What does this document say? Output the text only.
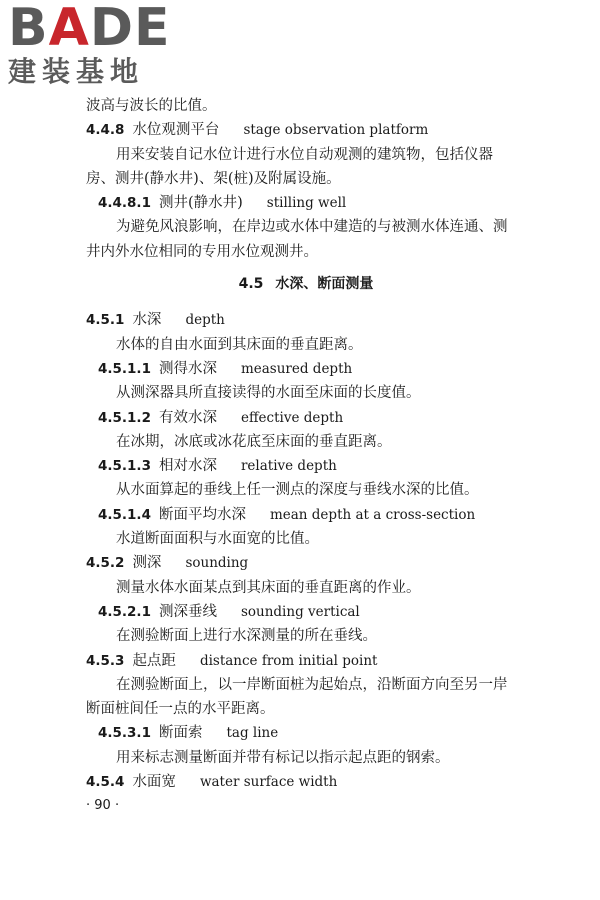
BADE
建装基地
波高与波长的比值。
4.4.8 水位观测平台 stage observation platform
用来安装自记水位计进行水位自动观测的建筑物，包括仪器
房、测井(静水井)、架(桩)及附属设施。
4.4.8.1 测井(静水井) stilling well
为避免风浪影响，在岸边或水体中建造的与被测水体连通、测
井内外水位相同的专用水位观测井。
4.5 水深、断面测量
4.5.1 水深 depth
水体的自由水面到其床面的垂直距离。
4.5.1.1 测得水深 measured depth
从测深器具所直接读得的水面至床面的长度值。
4.5.1.2 有效水深 effective depth
在冰期，冰底或冰花底至床面的垂直距离。
4.5.1.3 相对水深 relative depth
从水面算起的垂线上任一测点的深度与垂线水深的比值。
4.5.1.4 断面平均水深 mean depth at a cross-section
水道断面面积与水面宽的比值。
4.5.2 测深 sounding
测量水体水面某点到其床面的垂直距离的作业。
4.5.2.1 测深垂线 sounding vertical
在测验断面上进行水深测量的所在垂线。
4.5.3 起点距 distance from initial point
在测验断面上，以一岸断面桩为起始点，沿断面方向至另一岸
断面桩间任一点的水平距离。
4.5.3.1 断面索 tag line
用来标志测量断面并带有标记以指示起点距的钢索。
4.5.4 水面宽 water surface width
· 90 ·
